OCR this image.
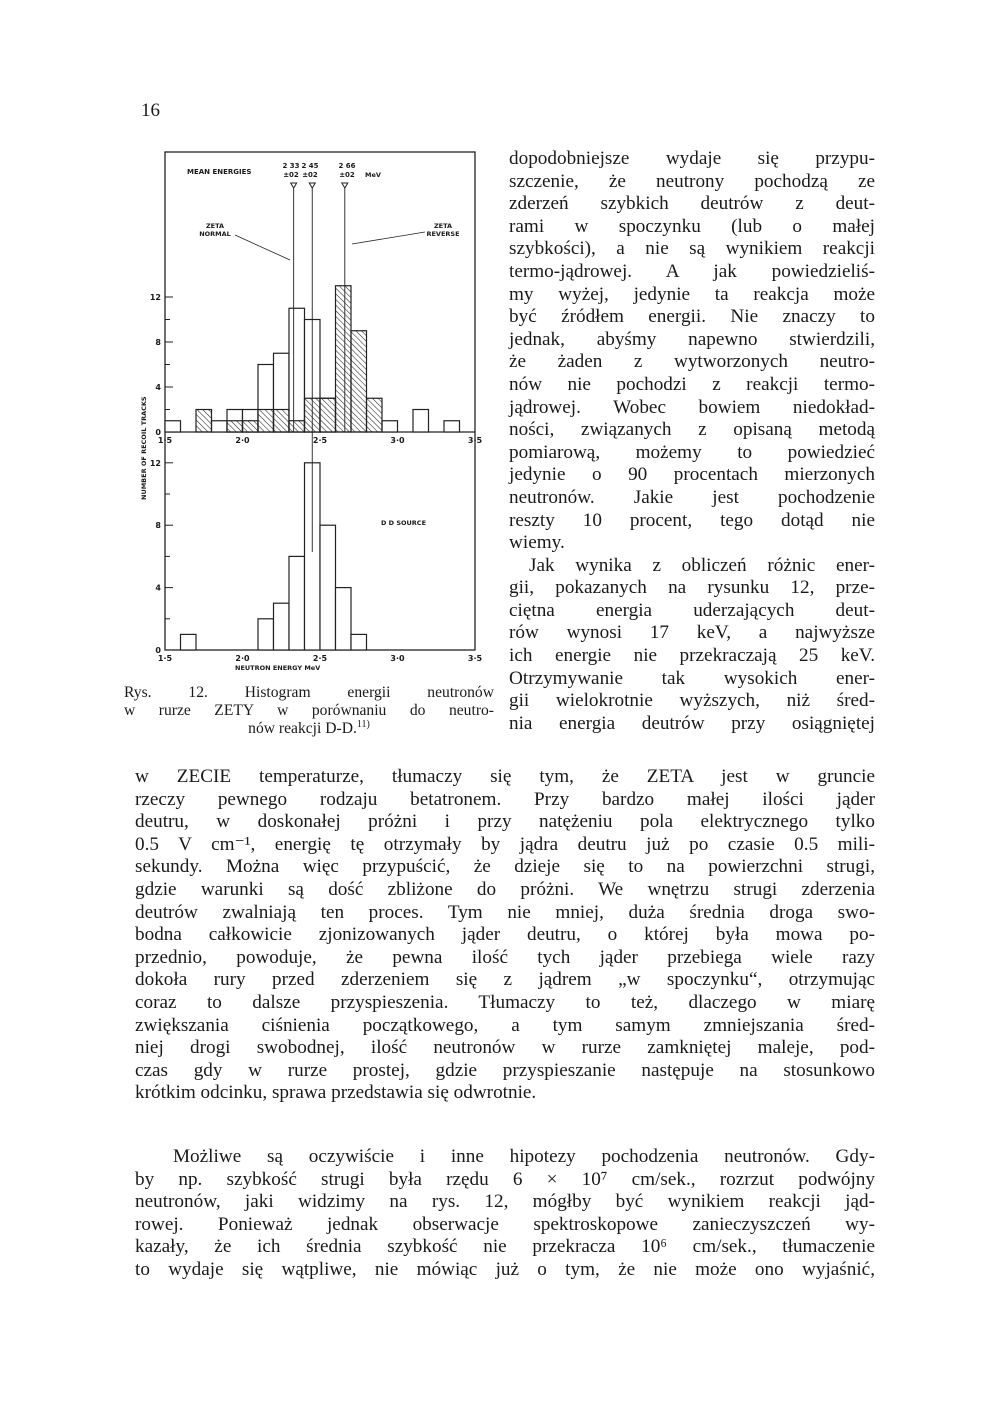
16
0
4
8
12
1·5	2·0	2·5	3·0	3·5
0
4
8
12
1·5	2·0	2·5	3·0	3·5
MEAN ENERGIES
2 33
±02
2 45
±02
2 66
±02 MeV
ZETA
NORMAL
ZETA
REVERSE
D D SOURCE
NEUTRON ENERGY MeV
NUMBER OF RECOIL TRACKS
Rys. 12. Histogram energii neutronów
w rurze ZETY w porównaniu do neutro-
nów reakcji D-D.$^{11)}$
dopodobniejsze wydaje się przypu-
szczenie, że neutrony pochodzą ze
zderzeń szybkich deutrów z deut-
rami w spoczynku (lub o małej
szybkości), a nie są wynikiem reakcji
termo-jądrowej. A jak powiedzieliś-
my wyżej, jedynie ta reakcja może
być źródłem energii. Nie znaczy to
jednak, abyśmy napewno stwierdzili,
że żaden z wytworzonych neutro-
nów nie pochodzi z reakcji termo-
jądrowej. Wobec bowiem niedokład-
ności, związanych z opisaną metodą
pomiarową, możemy to powiedzieć
jedynie o 90 procentach mierzonych
neutronów. Jakie jest pochodzenie
reszty 10 procent, tego dotąd nie
wiemy.
Jak wynika z obliczeń różnic ener-
gii, pokazanych na rysunku 12, prze-
ciętna energia uderzających deut-
rów wynosi 17 keV, a najwyższe
ich energie nie przekraczają 25 keV.
Otrzymywanie tak wysokich ener-
gii wielokrotnie wyższych, niż śred-
nia energia deutrów przy osiągniętej
w ZECIE temperaturze, tłumaczy się tym, że ZETA jest w gruncie
rzeczy pewnego rodzaju betatronem. Przy bardzo małej ilości jąder
deutru, w doskonałej próżni i przy natężeniu pola elektrycznego tylko
0.5 V cm⁻¹, energię tę otrzymały by jądra deutru już po czasie 0.5 mili-
sekundy. Można więc przypuścić, że dzieje się to na powierzchni strugi,
gdzie warunki są dość zbliżone do próżni. We wnętrzu strugi zderzenia
deutrów zwalniają ten proces. Tym nie mniej, duża średnia droga swo-
bodna całkowicie zjonizowanych jąder deutru, o której była mowa po-
przednio, powoduje, że pewna ilość tych jąder przebiega wiele razy
dokoła rury przed zderzeniem się z jądrem „w spoczynku“, otrzymując
coraz to dalsze przyspieszenia. Tłumaczy to też, dlaczego w miarę
zwiększania ciśnienia początkowego, a tym samym zmniejszania śred-
niej drogi swobodnej, ilość neutronów w rurze zamkniętej maleje, pod-
czas gdy w rurze prostej, gdzie przyspieszanie następuje na stosunkowo
krótkim odcinku, sprawa przedstawia się odwrotnie.
Możliwe są oczywiście i inne hipotezy pochodzenia neutronów. Gdy-
by np. szybkość strugi była rzędu 6 × 10⁷ cm/sek., rozrzut podwójny
neutronów, jaki widzimy na rys. 12, mógłby być wynikiem reakcji jąd-
rowej. Ponieważ jednak obserwacje spektroskopowe zanieczyszczeń wy-
kazały, że ich średnia szybkość nie przekracza 10⁶ cm/sek., tłumaczenie
to wydaje się wątpliwe, nie mówiąc już o tym, że nie może ono wyjaśnić,
